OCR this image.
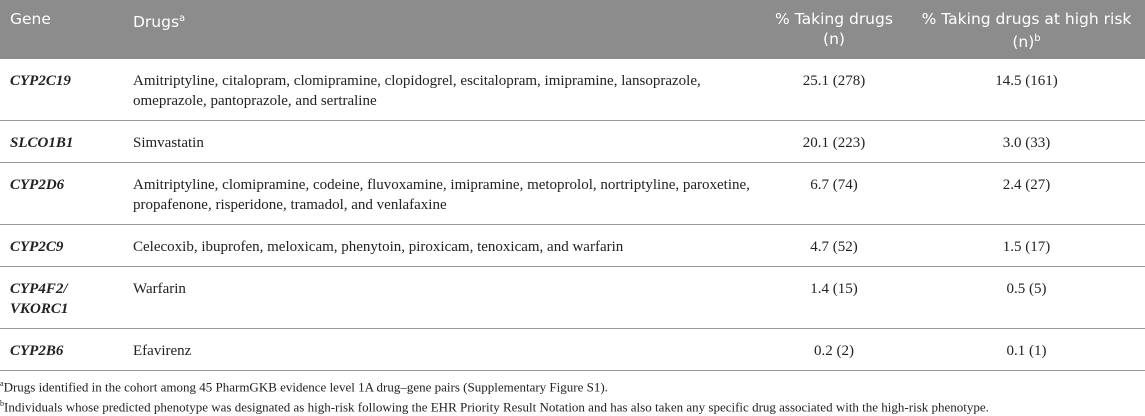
Gene	Drugs$^a$	% Taking drugs (n)	% Taking drugs at high risk $(n)^b$
CYP2C19	Amitriptyline, citalopram, clomipramine, clopidogrel, escitalopram, imipramine, lansoprazole, omeprazole, pantoprazole, and sertraline	25.1 (278)	14.5 (161)
SLCO1B1	Simvastatin	20.1 (223)	3.0 (33)
CYP2D6	Amitriptyline, clomipramine, codeine, fluvoxamine, imipramine, metoprolol, nortriptyline, paroxetine, propafenone, risperidone, tramadol, and venlafaxine	6.7 (74)	2.4 (27)
CYP2C9	Celecoxib, ibuprofen, meloxicam, phenytoin, piroxicam, tenoxicam, and warfarin	4.7 (52)	1.5 (17)
CYP4F2/ VKORC1	Warfarin	1.4 (15)	0.5 (5)
CYP2B6	Efavirenz	0.2 (2)	0.1 (1)
$^a$Drugs identified in the cohort among 45 PharmGKB evidence level 1A drug–gene pairs (Supplementary Figure S1).
$^b$Individuals whose predicted phenotype was designated as high-risk following the EHR Priority Result Notation and has also taken any specific drug associated with the high-risk phenotype.
